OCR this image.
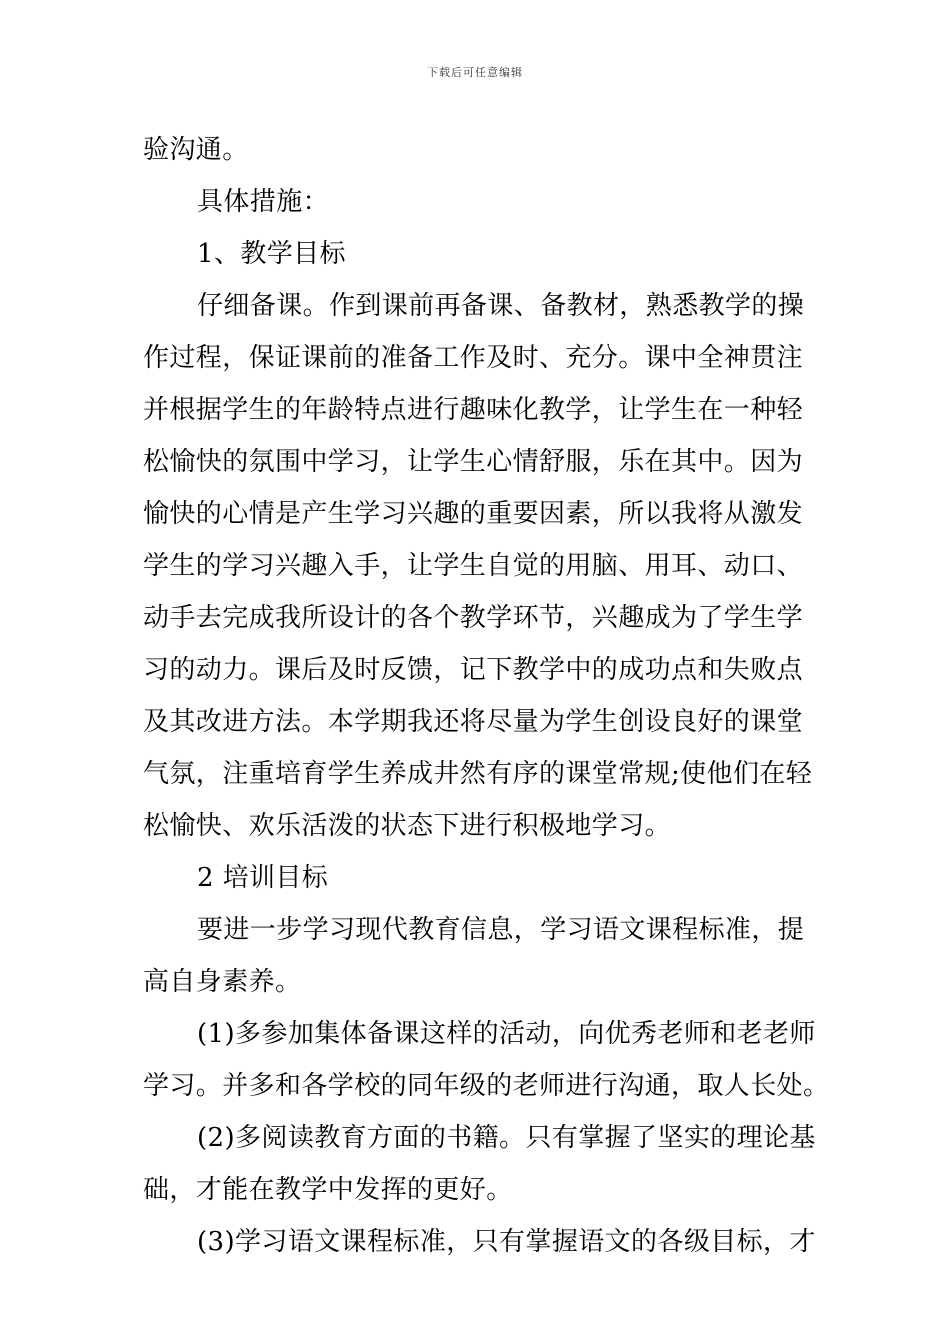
下载后可任意编辑
验沟通。
具体措施：
1、教学目标
仔细备课。作到课前再备课、备教材，熟悉教学的操
作过程，保证课前的准备工作及时、充分。课中全神贯注
并根据学生的年龄特点进行趣味化教学，让学生在一种轻
松愉快的氛围中学习，让学生心情舒服，乐在其中。因为
愉快的心情是产生学习兴趣的重要因素，所以我将从激发
学生的学习兴趣入手，让学生自觉的用脑、用耳、动口、
动手去完成我所设计的各个教学环节，兴趣成为了学生学
习的动力。课后及时反馈，记下教学中的成功点和失败点
及其改进方法。本学期我还将尽量为学生创设良好的课堂
气氛，注重培育学生养成井然有序的课堂常规;使他们在轻
松愉快、欢乐活泼的状态下进行积极地学习。
2 培训目标
要进一步学习现代教育信息，学习语文课程标准，提
高自身素养。
(1)多参加集体备课这样的活动，向优秀老师和老老师
学习。并多和各学校的同年级的老师进行沟通，取人长处。
(2)多阅读教育方面的书籍。只有掌握了坚实的理论基
础，才能在教学中发挥的更好。
(3)学习语文课程标准，只有掌握语文的各级目标，才
